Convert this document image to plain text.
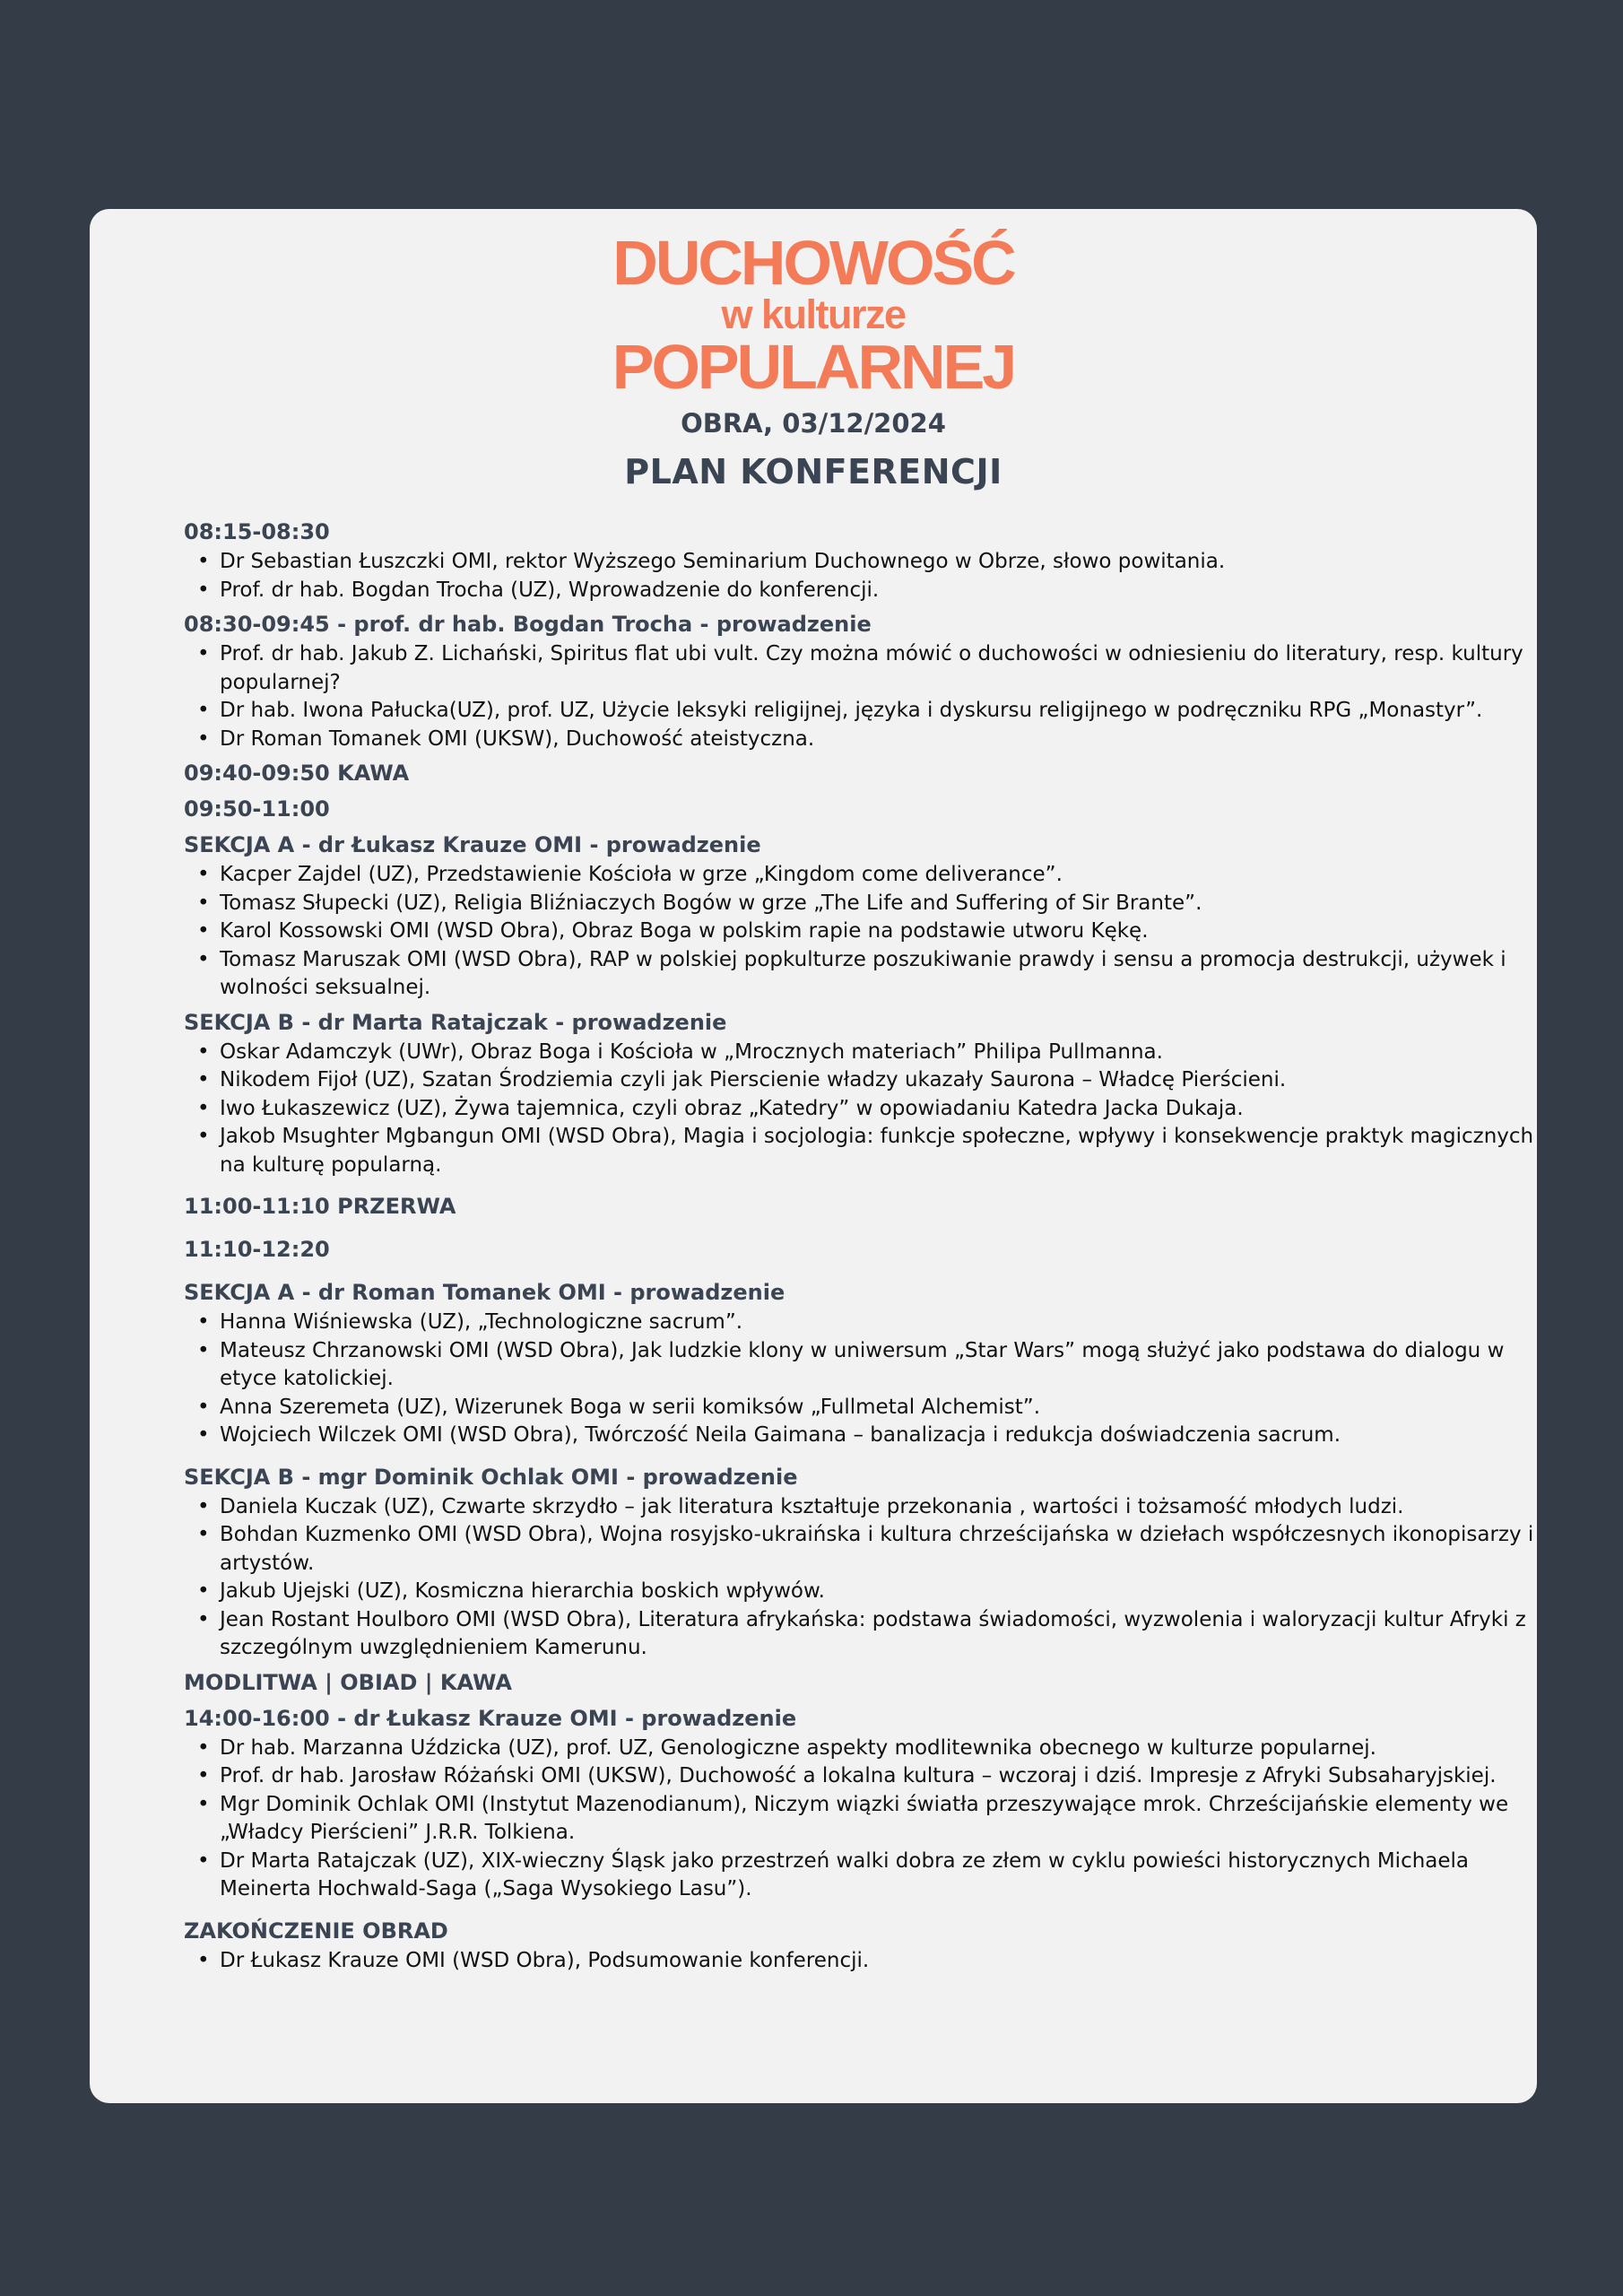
DUCHOWOŚĆ
w kulturze
POPULARNEJ
OBRA, 03/12/2024
PLAN KONFERENCJI
08:15-08:30
• Dr Sebastian Łuszczki OMI, rektor Wyższego Seminarium Duchownego w Obrze, słowo powitania.
• Prof. dr hab. Bogdan Trocha (UZ), Wprowadzenie do konferencji.
08:30-09:45 - prof. dr hab. Bogdan Trocha - prowadzenie
• Prof. dr hab. Jakub Z. Lichański, Spiritus flat ubi vult. Czy można mówić o duchowości w odniesieniu do literatury, resp. kultury popularnej?
• Dr hab. Iwona Pałucka(UZ), prof. UZ, Użycie leksyki religijnej, języka i dyskursu religijnego w podręczniku RPG „Monastyr”.
• Dr Roman Tomanek OMI (UKSW), Duchowość ateistyczna.
09:40-09:50 KAWA
09:50-11:00
SEKCJA A - dr Łukasz Krauze OMI - prowadzenie
• Kacper Zajdel (UZ), Przedstawienie Kościoła w grze „Kingdom come deliverance”.
• Tomasz Słupecki (UZ), Religia Bliźniaczych Bogów w grze „The Life and Suffering of Sir Brante”.
• Karol Kossowski OMI (WSD Obra), Obraz Boga w polskim rapie na podstawie utworu Kękę.
• Tomasz Maruszak OMI (WSD Obra), RAP w polskiej popkulturze poszukiwanie prawdy i sensu a promocja destrukcji, używek i wolności seksualnej.
SEKCJA B - dr Marta Ratajczak - prowadzenie
• Oskar Adamczyk (UWr), Obraz Boga i Kościoła w „Mrocznych materiach” Philipa Pullmanna.
• Nikodem Fijoł (UZ), Szatan Środziemia czyli jak Pierscienie władzy ukazały Saurona – Władcę Pierścieni.
• Iwo Łukaszewicz (UZ), Żywa tajemnica, czyli obraz „Katedry” w opowiadaniu Katedra Jacka Dukaja.
• Jakob Msughter Mgbangun OMI (WSD Obra), Magia i socjologia: funkcje społeczne, wpływy i konsekwencje praktyk magicznych na kulturę popularną.
11:00-11:10 PRZERWA
11:10-12:20
SEKCJA A - dr Roman Tomanek OMI - prowadzenie
• Hanna Wiśniewska (UZ), „Technologiczne sacrum”.
• Mateusz Chrzanowski OMI (WSD Obra), Jak ludzkie klony w uniwersum „Star Wars” mogą służyć jako podstawa do dialogu w etyce katolickiej.
• Anna Szeremeta (UZ), Wizerunek Boga w serii komiksów „Fullmetal Alchemist”.
• Wojciech Wilczek OMI (WSD Obra), Twórczość Neila Gaimana – banalizacja i redukcja doświadczenia sacrum.
SEKCJA B - mgr Dominik Ochlak OMI - prowadzenie
• Daniela Kuczak (UZ), Czwarte skrzydło – jak literatura kształtuje przekonania , wartości i tożsamość młodych ludzi.
• Bohdan Kuzmenko OMI (WSD Obra), Wojna rosyjsko-ukraińska i kultura chrześcijańska w dziełach współczesnych ikonopisarzy i artystów.
• Jakub Ujejski (UZ), Kosmiczna hierarchia boskich wpływów.
• Jean Rostant Houlboro OMI (WSD Obra), Literatura afrykańska: podstawa świadomości, wyzwolenia i waloryzacji kultur Afryki z szczególnym uwzględnieniem Kamerunu.
MODLITWA | OBIAD | KAWA
14:00-16:00 - dr Łukasz Krauze OMI - prowadzenie
• Dr hab. Marzanna Uździcka (UZ), prof. UZ, Genologiczne aspekty modlitewnika obecnego w kulturze popularnej.
• Prof. dr hab. Jarosław Różański OMI (UKSW), Duchowość a lokalna kultura – wczoraj i dziś. Impresje z Afryki Subsaharyjskiej.
• Mgr Dominik Ochlak OMI (Instytut Mazenodianum), Niczym wiązki światła przeszywające mrok. Chrześcijańskie elementy we „Władcy Pierścieni” J.R.R. Tolkiena.
• Dr Marta Ratajczak (UZ), XIX-wieczny Śląsk jako przestrzeń walki dobra ze złem w cyklu powieści historycznych Michaela Meinerta Hochwald-Saga („Saga Wysokiego Lasu”).
ZAKOŃCZENIE OBRAD
• Dr Łukasz Krauze OMI (WSD Obra), Podsumowanie konferencji.
